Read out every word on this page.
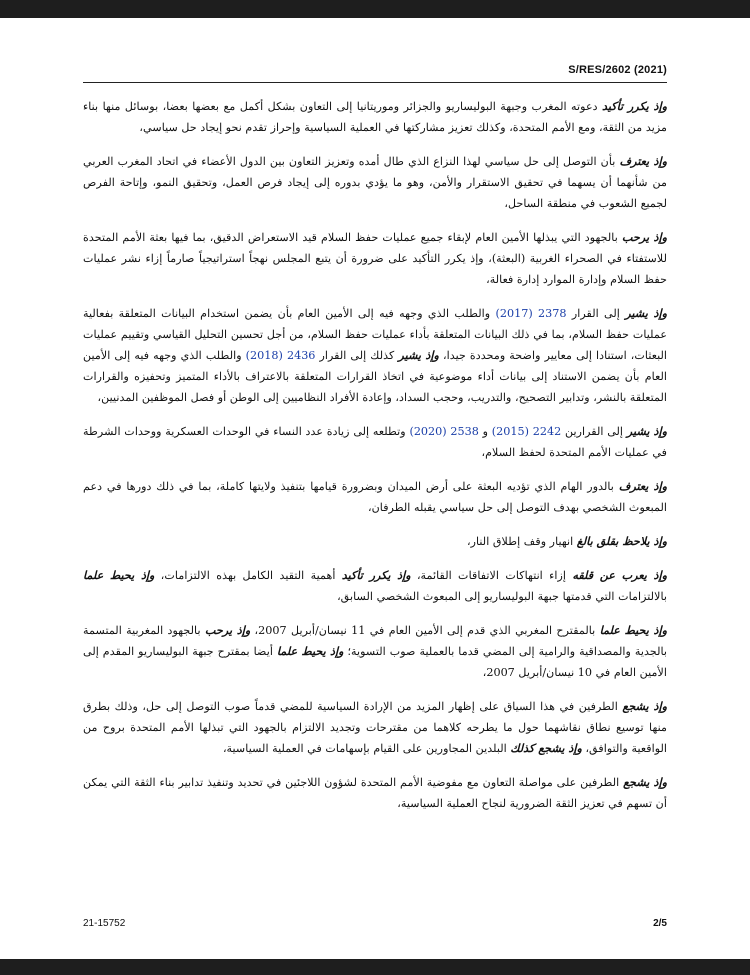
S/RES/2602 (2021)

وإذ يكرر تأكيد دعوته المغرب وجبهة البوليساريو والجزائر وموريتانيا إلى التعاون بشكل أكمل مع بعضها بعضا، بوسائل منها بناء مزيد من الثقة، ومع الأمم المتحدة، وكذلك تعزيز مشاركتها في العملية السياسية وإحراز تقدم نحو إيجاد حل سياسي،

وإذ يعترف بأن التوصل إلى حل سياسي لهذا النزاع الذي طال أمده وتعزيز التعاون بين الدول الأعضاء في اتحاد المغرب العربي من شأنهما أن يسهما في تحقيق الاستقرار والأمن، وهو ما يؤدي بدوره إلى إيجاد فرص العمل، وتحقيق النمو، وإتاحة الفرص لجميع الشعوب في منطقة الساحل،

وإذ يرحب بالجهود التي يبذلها الأمين العام لإبقاء جميع عمليات حفظ السلام قيد الاستعراض الدقيق، بما فيها بعثة الأمم المتحدة للاستفتاء في الصحراء الغربية (البعثة)، وإذ يكرر التأكيد على ضرورة أن يتبع المجلس نهجاً استراتيجياً صارماً إزاء نشر عمليات حفظ السلام وإدارة الموارد إدارة فعالة،

وإذ يشير إلى القرار 2378 (2017) والطلب الذي وجهه فيه إلى الأمين العام بأن يضمن استخدام البيانات المتعلقة بفعالية عمليات حفظ السلام، بما في ذلك البيانات المتعلقة بأداء عمليات حفظ السلام، من أجل تحسين التحليل القياسي وتقييم عمليات البعثات، استنادا إلى معايير واضحة ومحددة جيدا، وإذ يشير كذلك إلى القرار 2436 (2018) والطلب الذي وجهه فيه إلى الأمين العام بأن يضمن الاستناد إلى بيانات أداء موضوعية في اتخاذ القرارات المتعلقة بالاعتراف بالأداء المتميز وتحفيزه والقرارات المتعلقة بالنشر، وتدابير التصحيح، والتدريب، وحجب السداد، وإعادة الأفراد النظاميين إلى الوطن أو فصل الموظفين المدنيين،

وإذ يشير إلى القرارين 2242 (2015) و 2538 (2020) وتطلعه إلى زيادة عدد النساء في الوحدات العسكرية ووحدات الشرطة في عمليات الأمم المتحدة لحفظ السلام،

وإذ يعترف بالدور الهام الذي تؤديه البعثة على أرض الميدان وبضرورة قيامها بتنفيذ ولايتها كاملة، بما في ذلك دورها في دعم المبعوث الشخصي بهدف التوصل إلى حل سياسي يقبله الطرفان،

وإذ يلاحظ بقلق بالغ انهيار وقف إطلاق النار،

وإذ يعرب عن قلقه إزاء انتهاكات الاتفاقات القائمة، وإذ يكرر تأكيد أهمية التقيد الكامل بهذه الالتزامات، وإذ يحيط علما بالالتزامات التي قدمتها جبهة البوليساريو إلى المبعوث الشخصي السابق،

وإذ يحيط علما بالمقترح المغربي الذي قدم إلى الأمين العام في 11 نيسان/أبريل 2007، وإذ يرحب بالجهود المغربية المتسمة بالجدية والمصداقية والرامية إلى المضي قدما بالعملية صوب التسوية؛ وإذ يحيط علما أيضا بمقترح جبهة البوليساريو المقدم إلى الأمين العام في 10 نيسان/أبريل 2007،

وإذ يشجع الطرفين في هذا السياق على إظهار المزيد من الإرادة السياسية للمضي قدماً صوب التوصل إلى حل، وذلك بطرق منها توسيع نطاق نقاشهما حول ما يطرحه كلاهما من مقترحات وتجديد الالتزام بالجهود التي تبذلها الأمم المتحدة بروح من الواقعية والتوافق، وإذ يشجع كذلك البلدين المجاورين على القيام بإسهامات في العملية السياسية،

وإذ يشجع الطرفين على مواصلة التعاون مع مفوضية الأمم المتحدة لشؤون اللاجئين في تحديد وتنفيذ تدابير بناء الثقة التي يمكن أن تسهم في تعزيز الثقة الضرورية لنجاح العملية السياسية،

21-15752	2/5
